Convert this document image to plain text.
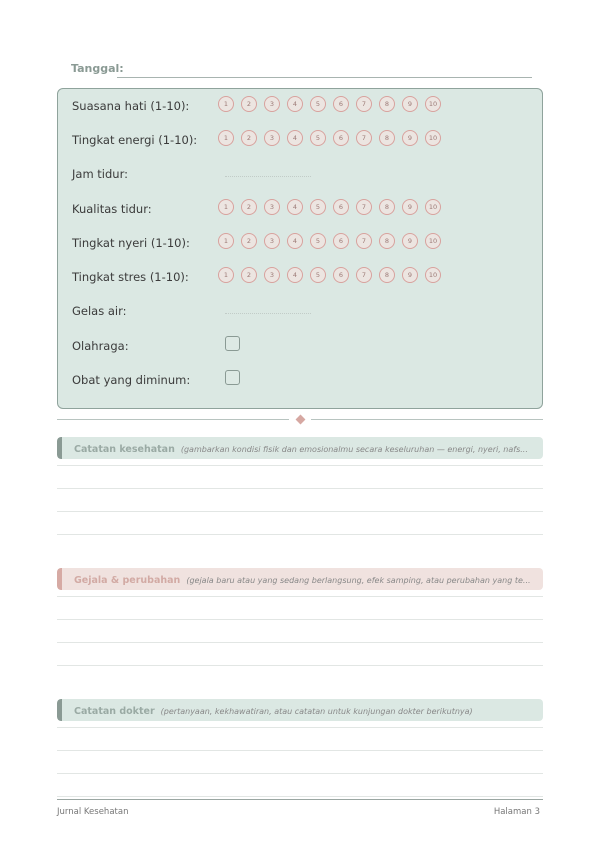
Tanggal:
Suasana hati (1-10):	1	2	3	4	5	6	7	8	9	10
Tingkat energi (1-10):	1	2	3	4	5	6	7	8	9	10
Jam tidur:
Kualitas tidur:	1	2	3	4	5	6	7	8	9	10
Tingkat nyeri (1-10):	1	2	3	4	5	6	7	8	9	10
Tingkat stres (1-10):	1	2	3	4	5	6	7	8	9	10
Gelas air:
Olahraga:
Obat yang diminum:
Catatan kesehatan (gambarkan kondisi fisik dan emosionalmu secara keseluruhan — energi, nyeri, nafs...
Gejala & perubahan (gejala baru atau yang sedang berlangsung, efek samping, atau perubahan yang te...
Catatan dokter (pertanyaan, kekhawatiran, atau catatan untuk kunjungan dokter berikutnya)
Jurnal Kesehatan	Halaman 3
